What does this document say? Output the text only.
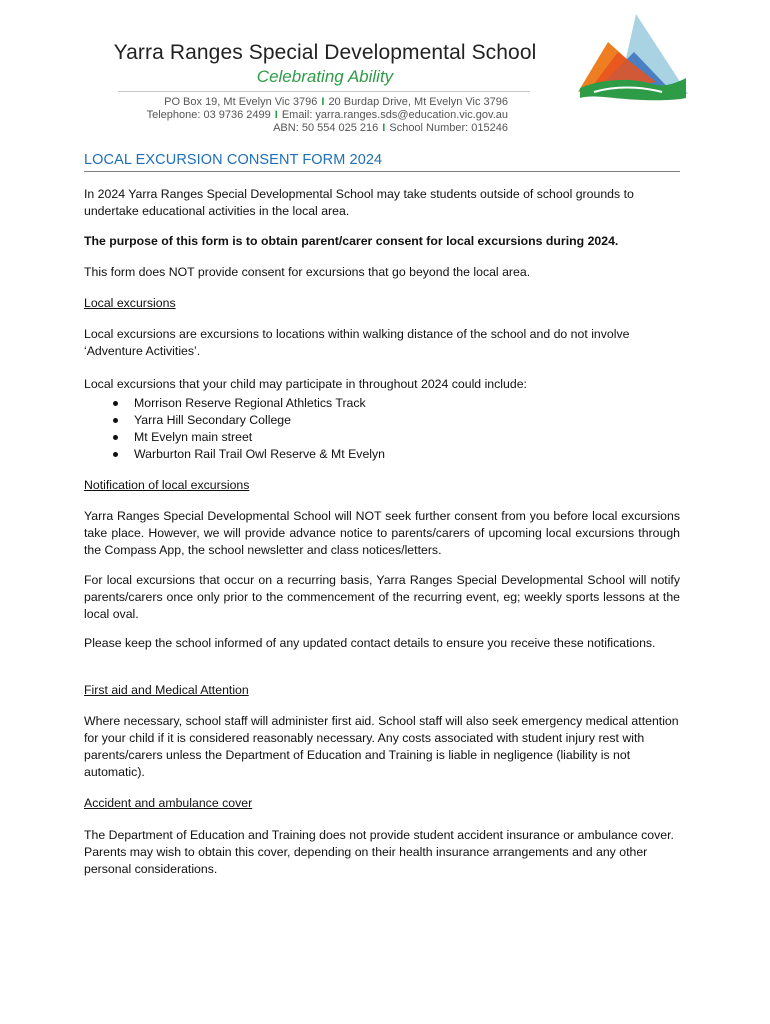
Yarra Ranges Special Developmental School
Celebrating Ability
PO Box 19, Mt Evelyn Vic 3796 I 20 Burdap Drive, Mt Evelyn Vic 3796
Telephone: 03 9736 2499 I Email: yarra.ranges.sds@education.vic.gov.au
ABN: 50 554 025 216 I School Number: 015246
LOCAL EXCURSION CONSENT FORM 2024
In 2024 Yarra Ranges Special Developmental School may take students outside of school grounds to undertake educational activities in the local area.
The purpose of this form is to obtain parent/carer consent for local excursions during 2024.
This form does NOT provide consent for excursions that go beyond the local area.
Local excursions
Local excursions are excursions to locations within walking distance of the school and do not involve ‘Adventure Activities’.
Local excursions that your child may participate in throughout 2024 could include:
Morrison Reserve Regional Athletics Track
Yarra Hill Secondary College
Mt Evelyn main street
Warburton Rail Trail Owl Reserve & Mt Evelyn
Notification of local excursions
Yarra Ranges Special Developmental School will NOT seek further consent from you before local excursions take place. However, we will provide advance notice to parents/carers of upcoming local excursions through the Compass App, the school newsletter and class notices/letters.
For local excursions that occur on a recurring basis, Yarra Ranges Special Developmental School will notify parents/carers once only prior to the commencement of the recurring event, eg; weekly sports lessons at the local oval.
Please keep the school informed of any updated contact details to ensure you receive these notifications.
First aid and Medical Attention
Where necessary, school staff will administer first aid. School staff will also seek emergency medical attention for your child if it is considered reasonably necessary. Any costs associated with student injury rest with parents/carers unless the Department of Education and Training is liable in negligence (liability is not automatic).
Accident and ambulance cover
The Department of Education and Training does not provide student accident insurance or ambulance cover. Parents may wish to obtain this cover, depending on their health insurance arrangements and any other personal considerations.
